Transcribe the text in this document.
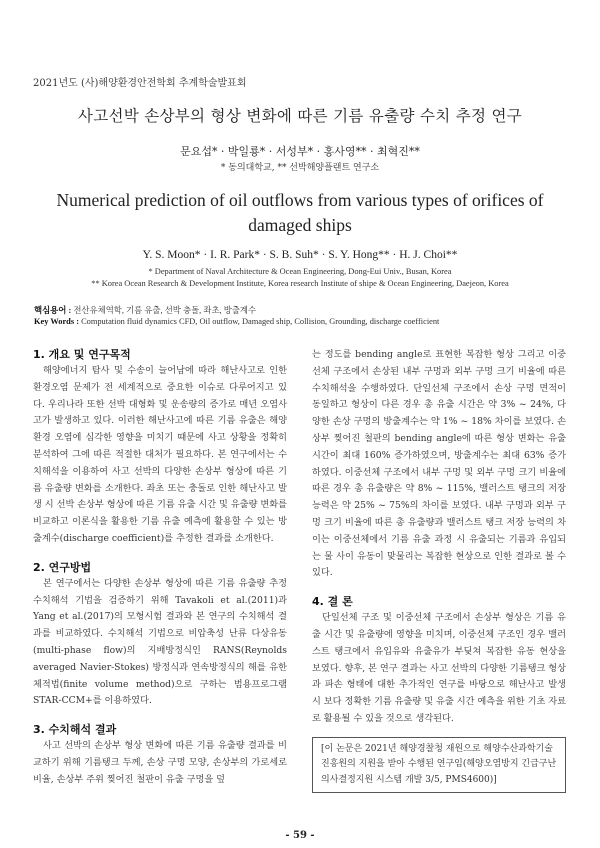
2021년도 (사)해양환경안전학회 추계학술발표회
사고선박 손상부의 형상 변화에 따른 기름 유출량 수치 추정 연구
문요섭* · 박일룡* · 서성부* · 홍사영** · 최혁진**
* 동의대학교, ** 선박해양플랜트 연구소
Numerical prediction of oil outflows from various types of orifices of damaged ships
Y. S. Moon* · I. R. Park* · S. B. Suh* · S. Y. Hong** · H. J. Choi**
* Department of Naval Architecture & Ocean Engineering, Dong-Eui Univ., Busan, Korea
** Korea Ocean Research & Development Institute, Korea research Institute of shipe & Ocean Engineering, Daejeon, Korea
핵심용어 : 전산유체역학, 기름 유출, 선박 충돌, 좌초, 방출계수
Key Words : Computation fluid dynamics CFD, Oil outflow, Damaged ship, Collision, Grounding, discharge coefficient
1. 개요 및 연구목적

해양에너지 탐사 및 수송이 늘어남에 따라 해난사고로 인한 환경오염 문제가 전 세계적으로 중요한 이슈로 다루어지고 있다. 우리나라 또한 선박 대형화 및 운송량의 증가로 매년 오염사고가 발생하고 있다. 이러한 해난사고에 따른 기름 유출은 해양환경 오염에 심각한 영향을 미치기 때문에 사고 상황을 정확히 분석하여 그에 따른 적절한 대처가 필요하다. 본 연구에서는 수치해석을 이용하여 사고 선박의 다양한 손상부 형상에 따른 기름 유출량 변화를 소개한다. 좌초 또는 충돌로 인한 해난사고 발생 시 선박 손상부 형상에 따른 기름 유출 시간 및 유출량 변화를 비교하고 이론식을 활용한 기름 유출 예측에 활용할 수 있는 방출계수(discharge coefficient)를 추정한 결과를 소개한다.

2. 연구방법

본 연구에서는 다양한 손상부 형상에 따른 기름 유출량 추정 수치해석 기법을 검증하기 위해 Tavakoli et al.(2011)과 Yang et al.(2017)의 모형시험 결과와 본 연구의 수치해석 결과를 비교하였다. 수치해석 기법으로 비압축성 난류 다상유동(multi-phase flow)의 지배방정식인 RANS(Reynolds averaged Navier-Stokes) 방정식과 연속방정식의 해를 유한체적법(finite volume method)으로 구하는 범용프로그램 STAR-CCM+를 이용하였다.

3. 수치해석 결과

사고 선박의 손상부 형상 변화에 따른 기름 유출량 결과를 비교하기 위해 기름탱크 두께, 손상 구멍 모양, 손상부의 가로세로 비율, 손상부 주위 찢어진 철판이 유출 구멍을 덮

는 정도를 bending angle로 표현한 복잡한 형상 그리고 이중선체 구조에서 손상된 내부 구멍과 외부 구멍 크기 비율에 따른 수치해석을 수행하였다. 단일선체 구조에서 손상 구멍 면적이 동일하고 형상이 다른 경우 총 유출 시간은 약 3% ~ 24%, 다양한 손상 구멍의 방출계수는 약 1% ~ 18% 차이를 보였다. 손상부 찢어진 철판의 bending angle에 따른 형상 변화는 유출 시간이 최대 160% 증가하였으며, 방출계수는 최대 63% 증가하였다. 이중선체 구조에서 내부 구멍 및 외부 구멍 크기 비율에 따른 경우 총 유출량은 약 8% ~ 115%, 밸러스트 탱크의 저장 능력은 약 25% ~ 75%의 차이를 보였다. 내부 구멍과 외부 구멍 크기 비율에 따른 총 유출량과 밸러스트 탱크 저장 능력의 차이는 이중선체에서 기름 유출 과정 시 유출되는 기름과 유입되는 물 사이 유동이 맞물리는 복잡한 현상으로 인한 결과로 볼 수 있다.

4. 결 론

단일선체 구조 및 이중선체 구조에서 손상부 형상은 기름 유출 시간 및 유출량에 영향을 미치며, 이중선체 구조인 경우 밸러스트 탱크에서 유입유와 유출유가 부딪쳐 복잡한 유동 현상을 보였다. 향후, 본 연구 결과는 사고 선박의 다양한 기름탱크 형상과 파손 형태에 대한 추가적인 연구를 바탕으로 해난사고 발생 시 보다 정확한 기름 유출량 및 유출 시간 예측을 위한 기초 자료로 활용될 수 있을 것으로 생각된다.

[이 논문은 2021년 해양경찰청 재원으로 해양수산과학기술진흥원의 지원을 받아 수행된 연구임(해양오염방지 긴급구난 의사결정지원 시스템 개발 3/5, PMS4600)]
- 59 -
